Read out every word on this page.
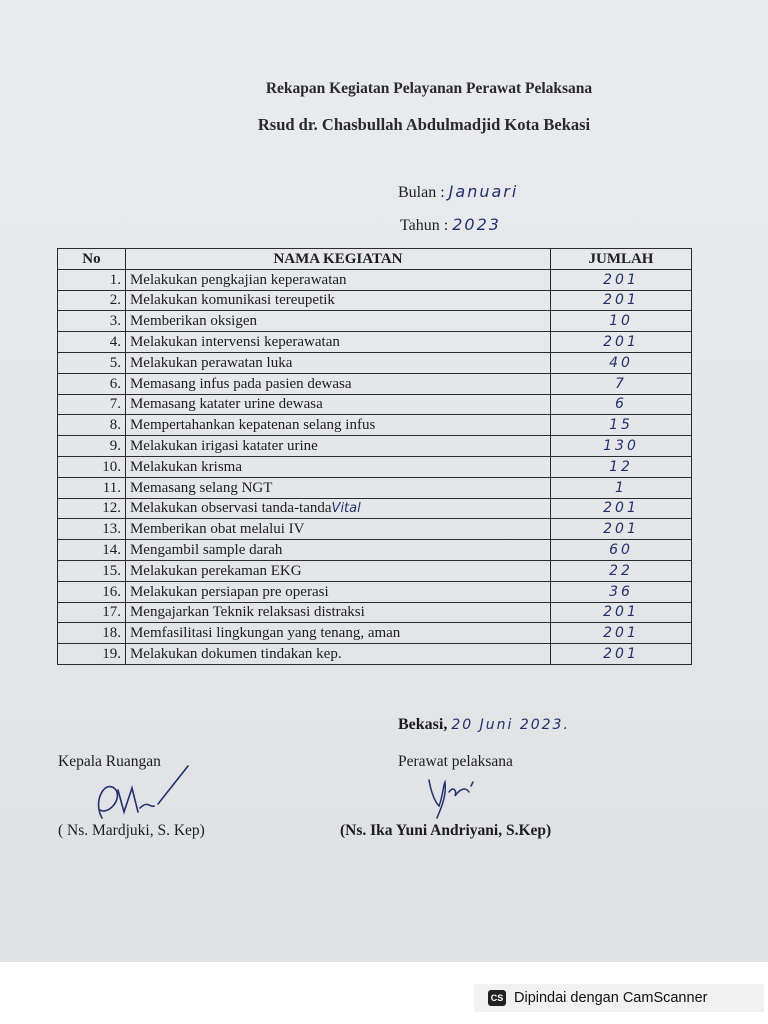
Rekapan Kegiatan Pelayanan Perawat Pelaksana
Rsud dr. Chasbullah Abdulmadjid Kota Bekasi
Bulan : Januari
Tahun : 2023
No	NAMA KEGIATAN	JUMLAH
1.	Melakukan pengkajian keperawatan	201
2.	Melakukan komunikasi tereupetik	201
3.	Memberikan oksigen	10
4.	Melakukan intervensi keperawatan	201
5.	Melakukan perawatan luka	40
6.	Memasang infus pada pasien dewasa	7
7.	Memasang katater urine dewasa	6
8.	Mempertahankan kepatenan selang infus	15
9.	Melakukan irigasi katater urine	130
10.	Melakukan krisma	12
11.	Memasang selang NGT	1
12.	Melakukan observasi tanda-tandaVital	201
13.	Memberikan obat melalui IV	201
14.	Mengambil sample darah	60
15.	Melakukan perekaman EKG	22
16.	Melakukan persiapan pre operasi	36
17.	Mengajarkan Teknik relaksasi distraksi	201
18.	Memfasilitasi lingkungan yang tenang, aman	201
19.	Melakukan dokumen tindakan kep.	201
Bekasi, 20 Juni 2023.
Kepala Ruangan	Perawat pelaksana
( Ns. Mardjuki, S. Kep)	(Ns. Ika Yuni Andriyani, S.Kep)
CS Dipindai dengan CamScanner
